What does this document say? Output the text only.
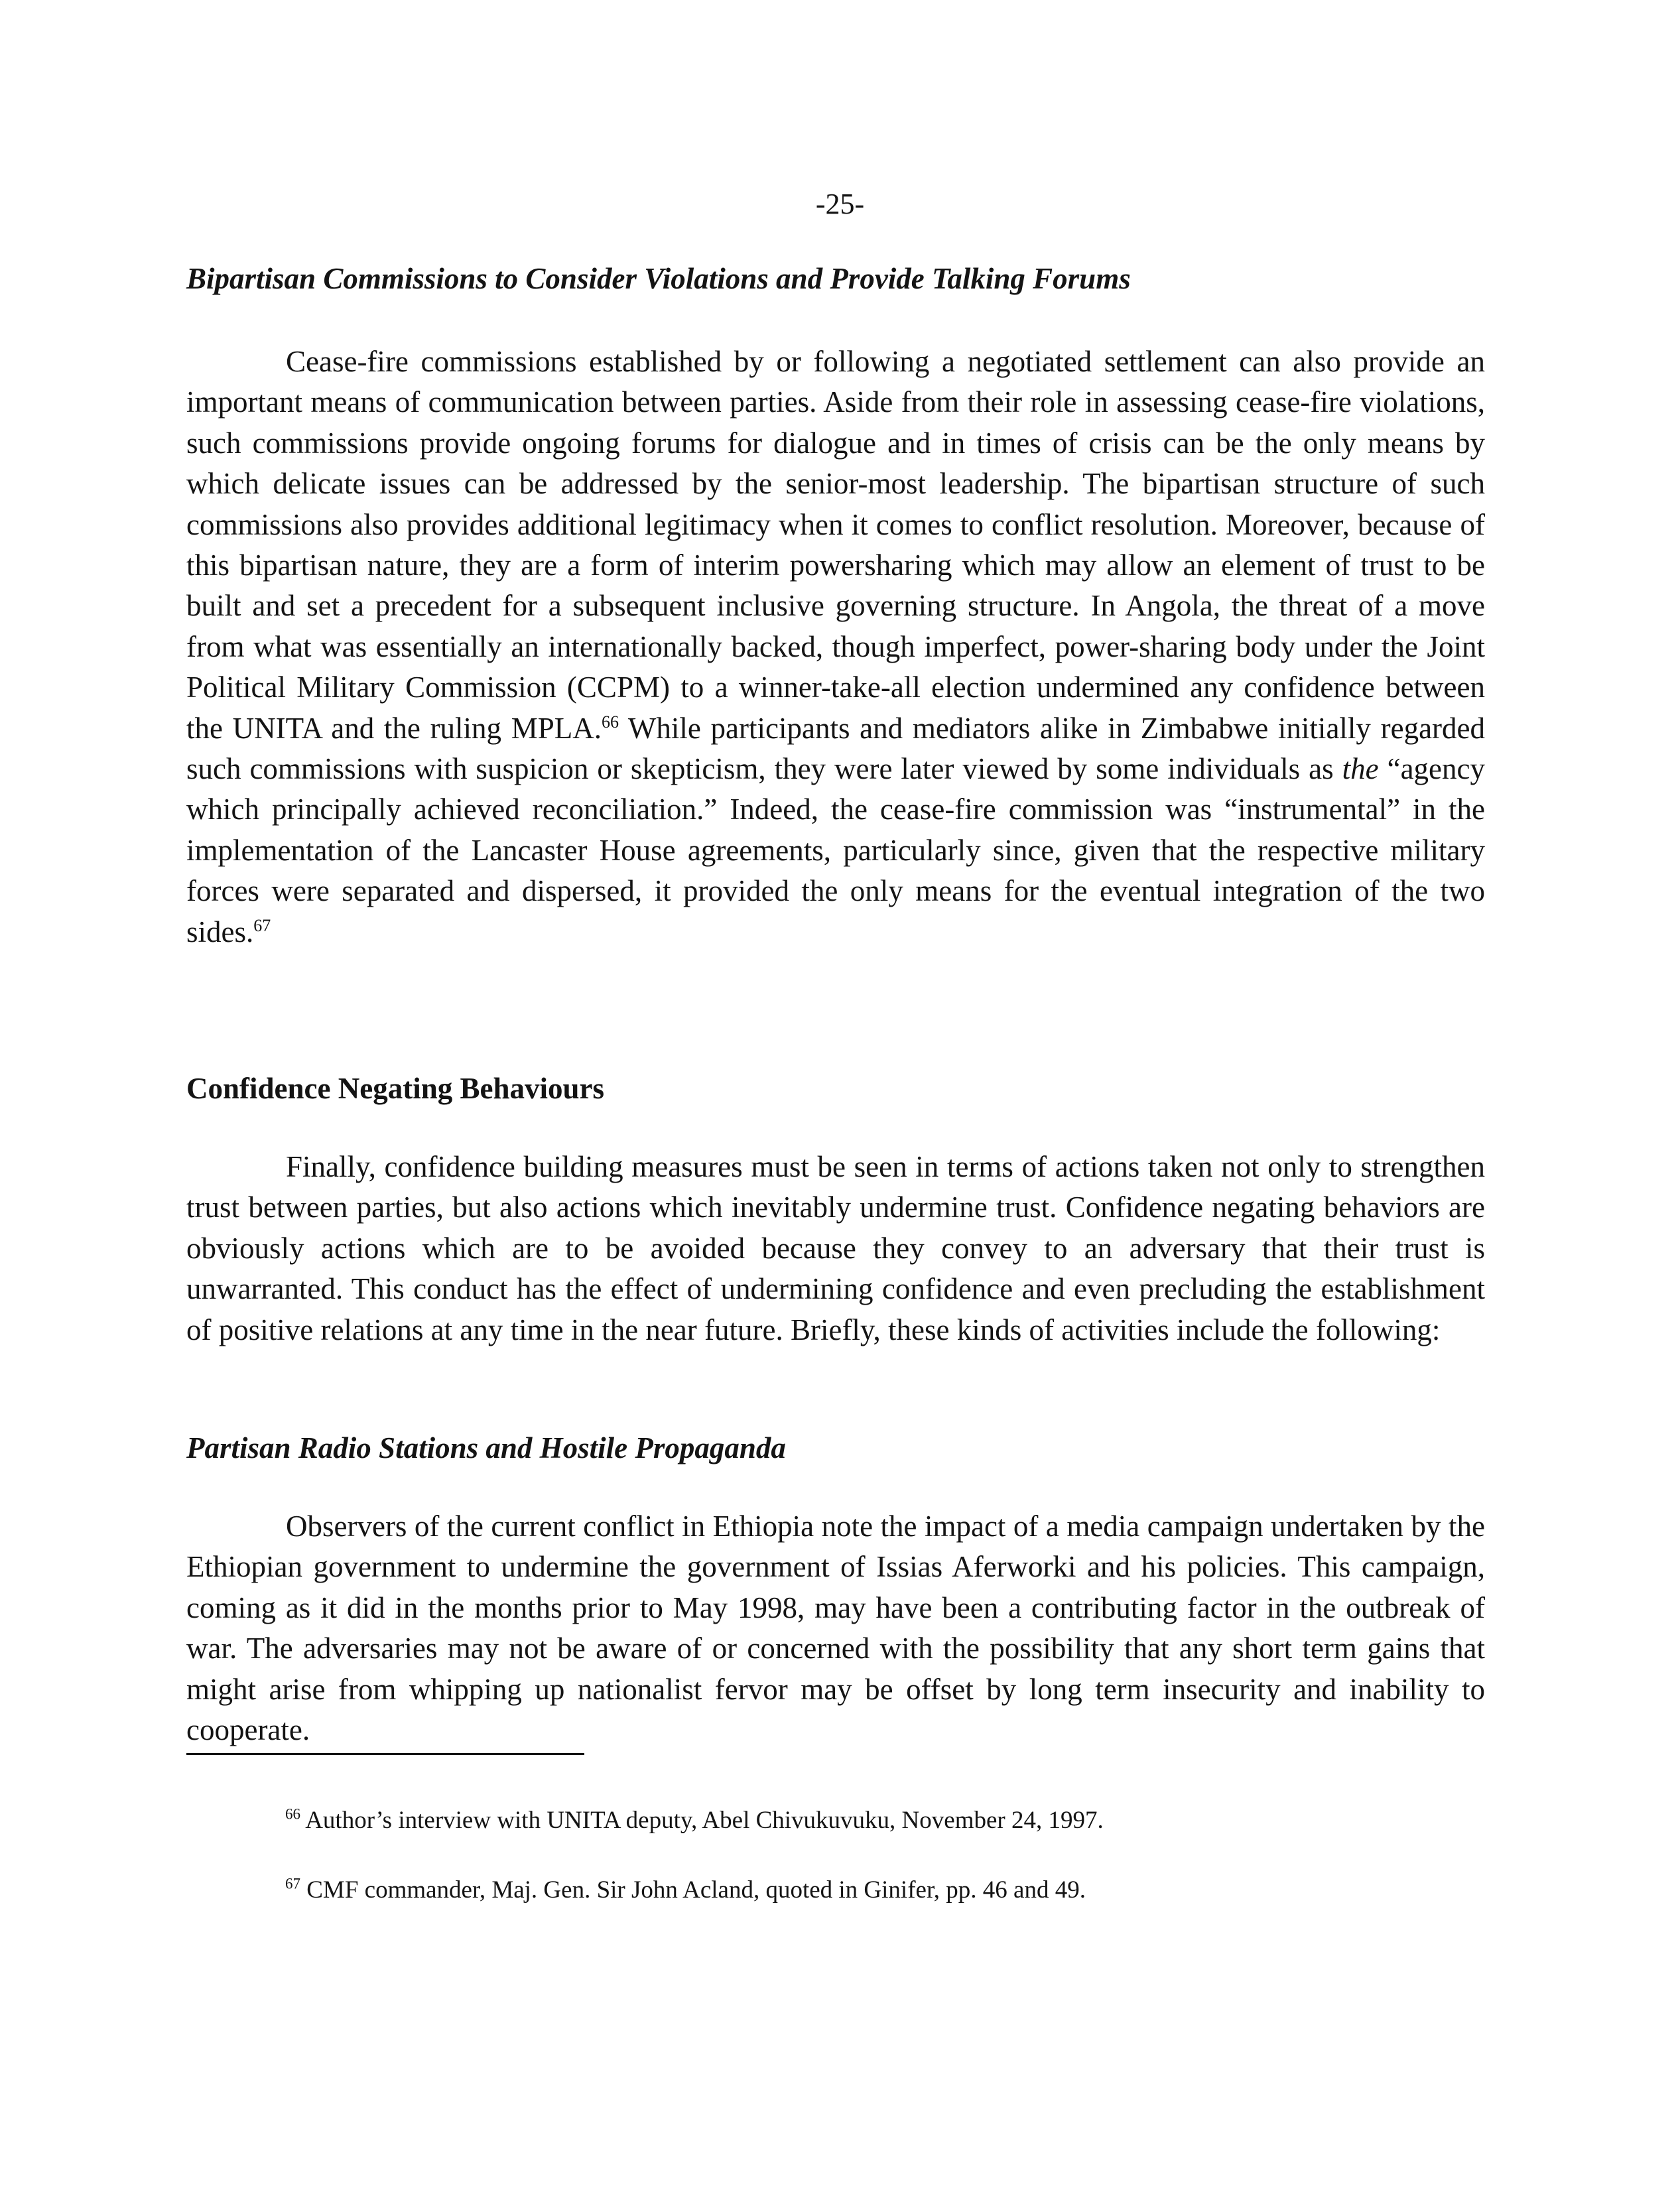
-25-
Bipartisan Commissions to Consider Violations and Provide Talking Forums

Cease-fire commissions established by or following a negotiated settlement can also provide an important means of communication between parties. Aside from their role in assessing cease-fire violations, such commissions provide ongoing forums for dialogue and in times of crisis can be the only means by which delicate issues can be addressed by the senior-most leadership. The bipartisan structure of such commissions also provides additional legitimacy when it comes to conflict resolution. Moreover, because of this bipartisan nature, they are a form of interim powersharing which may allow an element of trust to be built and set a precedent for a subsequent inclusive governing structure. In Angola, the threat of a move from what was essentially an internationally backed, though imperfect, power-sharing body under the Joint Political Military Commission (CCPM) to a winner-take-all election undermined any confidence between the UNITA and the ruling MPLA.$^{66}$ While participants and mediators alike in Zimbabwe initially regarded such commissions with suspicion or skepticism, they were later viewed by some individuals as the “agency which principally achieved reconciliation.” Indeed, the cease-fire commission was “instrumental” in the implementation of the Lancaster House agreements, particularly since, given that the respective military forces were separated and dispersed, it provided the only means for the eventual integration of the two sides.$^{67}$

Confidence Negating Behaviours

Finally, confidence building measures must be seen in terms of actions taken not only to strengthen trust between parties, but also actions which inevitably undermine trust. Confidence negating behaviors are obviously actions which are to be avoided because they convey to an adversary that their trust is unwarranted. This conduct has the effect of undermining confidence and even precluding the establishment of positive relations at any time in the near future. Briefly, these kinds of activities include the following:

Partisan Radio Stations and Hostile Propaganda

Observers of the current conflict in Ethiopia note the impact of a media campaign undertaken by the Ethiopian government to undermine the government of Issias Aferworki and his policies. This campaign, coming as it did in the months prior to May 1998, may have been a contributing factor in the outbreak of war. The adversaries may not be aware of or concerned with the possibility that any short term gains that might arise from whipping up nationalist fervor may be offset by long term insecurity and inability to cooperate.

$^{66}$ Author’s interview with UNITA deputy, Abel Chivukuvuku, November 24, 1997.

$^{67}$ CMF commander, Maj. Gen. Sir John Acland, quoted in Ginifer, pp. 46 and 49.
